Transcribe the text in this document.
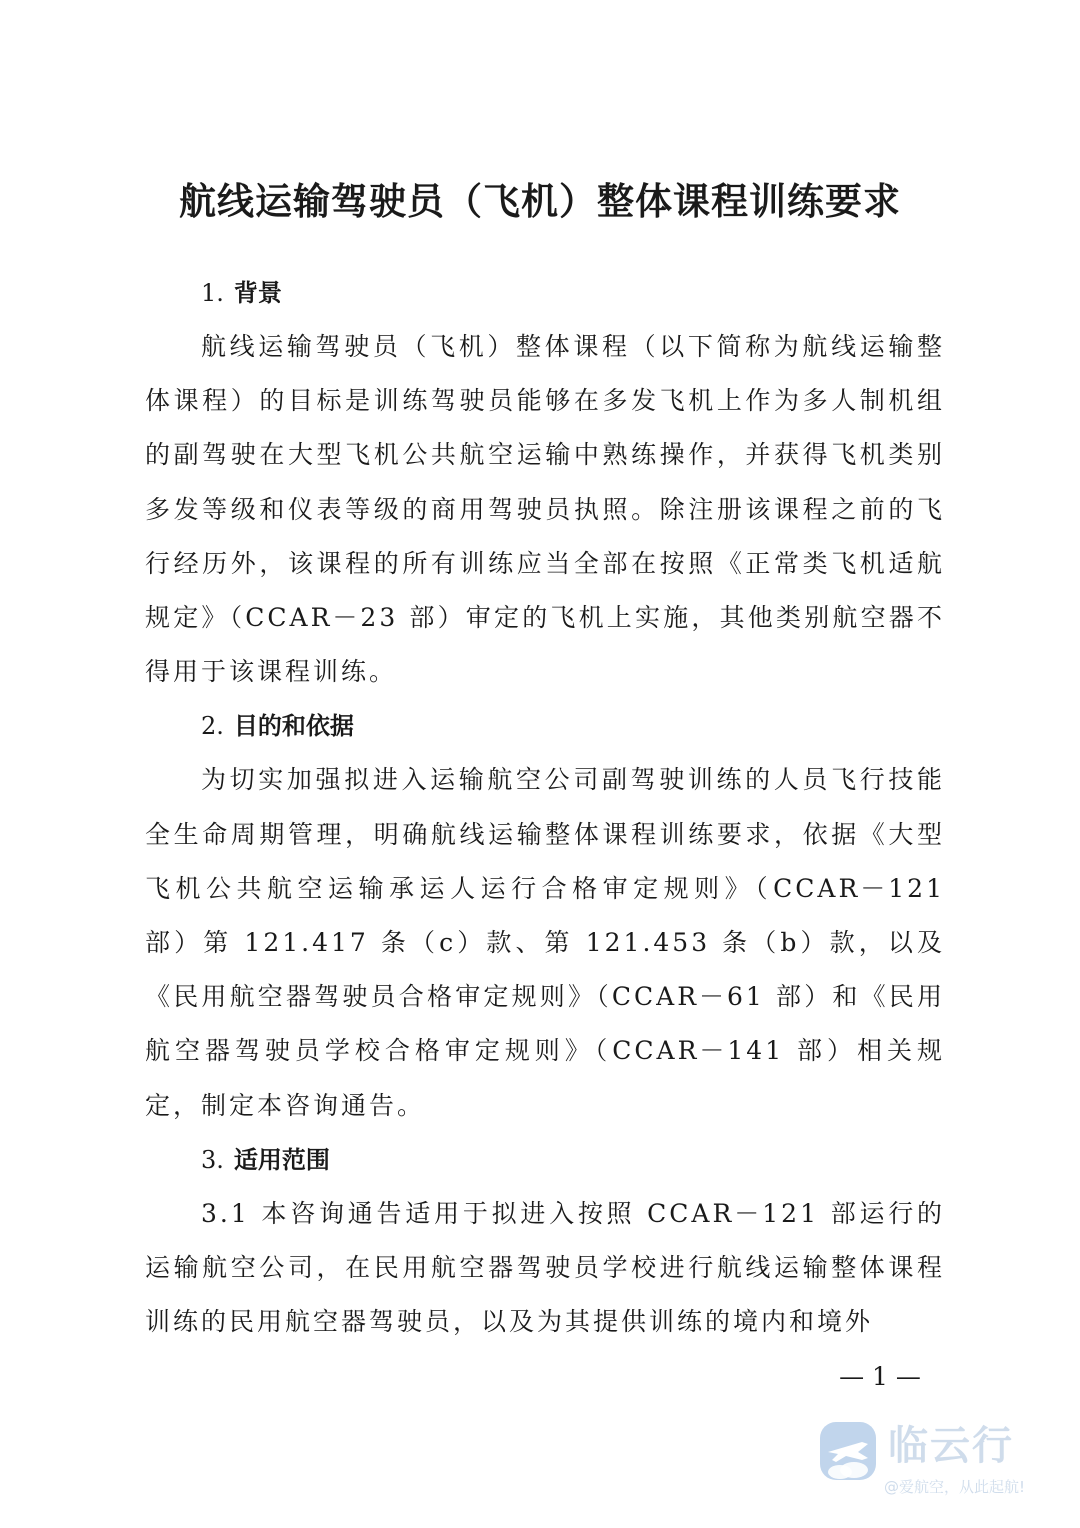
航线运输驾驶员（飞机）整体课程训练要求
1. 背景

航线运输驾驶员（飞机）整体课程（以下简称为航线运输整体课程）的目标是训练驾驶员能够在多发飞机上作为多人制机组的副驾驶在大型飞机公共航空运输中熟练操作，并获得飞机类别多发等级和仪表等级的商用驾驶员执照。除注册该课程之前的飞行经历外，该课程的所有训练应当全部在按照《正常类飞机适航规定》（CCAR－23 部）审定的飞机上实施，其他类别航空器不得用于该课程训练。

2. 目的和依据

为切实加强拟进入运输航空公司副驾驶训练的人员飞行技能全生命周期管理，明确航线运输整体课程训练要求，依据《大型飞机公共航空运输承运人运行合格审定规则》（CCAR－121 部）第 121.417 条（c）款、第 121.453 条（b）款，以及《民用航空器驾驶员合格审定规则》（CCAR－61 部）和《民用航空器驾驶员学校合格审定规则》（CCAR－141 部）相关规定，制定本咨询通告。

3. 适用范围

3.1 本咨询通告适用于拟进入按照 CCAR－121 部运行的运输航空公司，在民用航空器驾驶员学校进行航线运输整体课程训练的民用航空器驾驶员，以及为其提供训练的境内和境外

— 1 —
临云行
@爱航空，从此起航!
